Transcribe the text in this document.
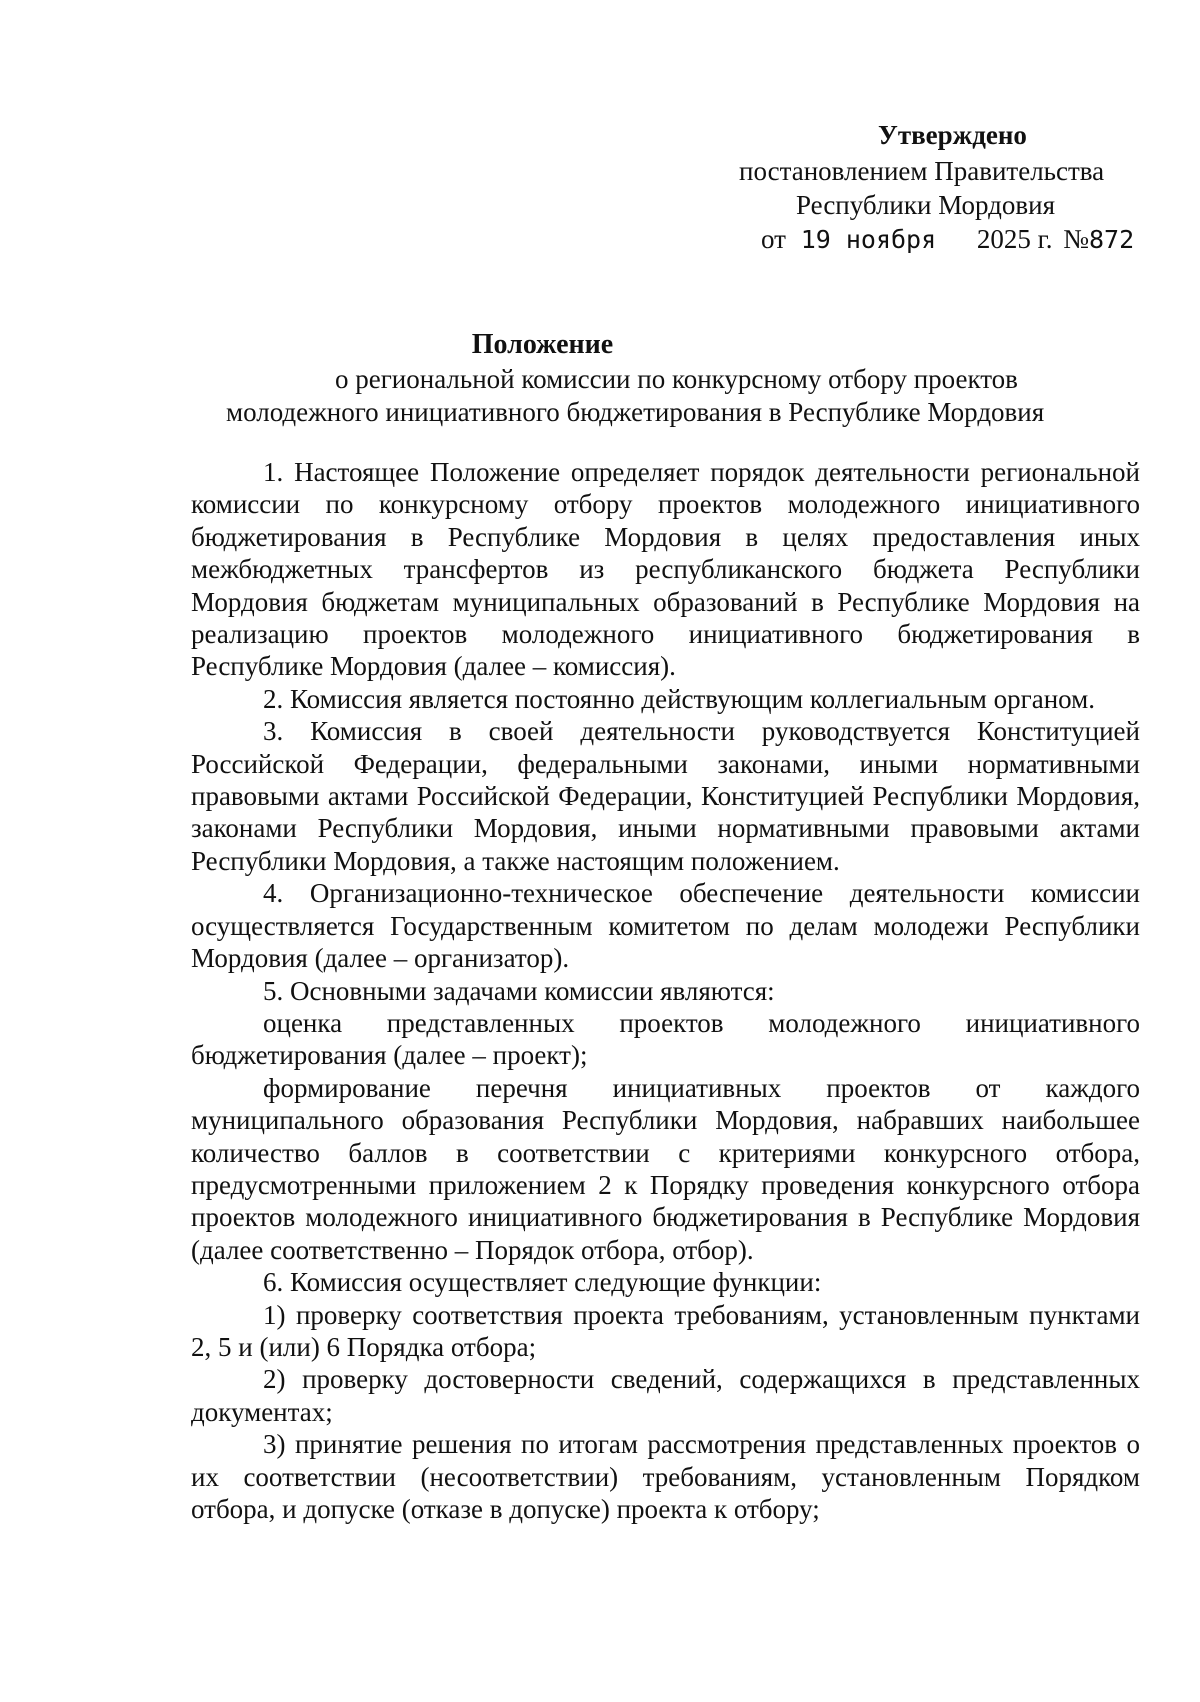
Утверждено
постановлением Правительства
Республики Мордовия
от 19 ноября 2025 г. №872
Положение
о региональной комиссии по конкурсному отбору проектов
молодежного инициативного бюджетирования в Республике Мордовия

1. Настоящее Положение определяет порядок деятельности региональной комиссии по конкурсному отбору проектов молодежного инициативного бюджетирования в Республике Мордовия в целях предоставления иных межбюджетных трансфертов из республиканского бюджета Республики Мордовия бюджетам муниципальных образований в Республике Мордовия на реализацию проектов молодежного инициативного бюджетирования в Республике Мордовия (далее – комиссия).

2. Комиссия является постоянно действующим коллегиальным органом.

3. Комиссия в своей деятельности руководствуется Конституцией Российской Федерации, федеральными законами, иными нормативными правовыми актами Российской Федерации, Конституцией Республики Мордовия, законами Республики Мордовия, иными нормативными правовыми актами Республики Мордовия, а также настоящим положением.

4. Организационно-техническое обеспечение деятельности комиссии осуществляется Государственным комитетом по делам молодежи Республики Мордовия (далее – организатор).

5. Основными задачами комиссии являются:

оценка представленных проектов молодежного инициативного бюджетирования (далее – проект);

формирование перечня инициативных проектов от каждого муниципального образования Республики Мордовия, набравших наибольшее количество баллов в соответствии с критериями конкурсного отбора, предусмотренными приложением 2 к Порядку проведения конкурсного отбора проектов молодежного инициативного бюджетирования в Республике Мордовия (далее соответственно – Порядок отбора, отбор).

6. Комиссия осуществляет следующие функции:

1) проверку соответствия проекта требованиям, установленным пунктами 2, 5 и (или) 6 Порядка отбора;

2) проверку достоверности сведений, содержащихся в представленных документах;

3) принятие решения по итогам рассмотрения представленных проектов о их соответствии (несоответствии) требованиям, установленным Порядком отбора, и допуске (отказе в допуске) проекта к отбору;
